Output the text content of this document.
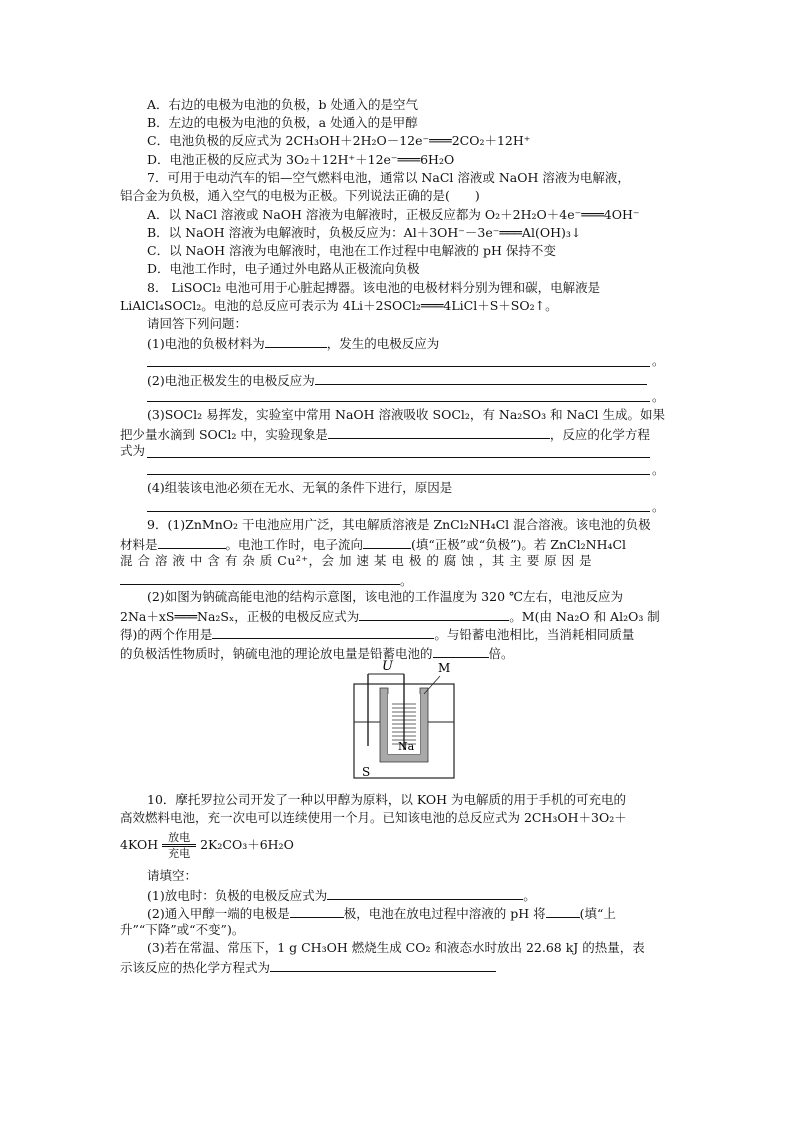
A．右边的电极为电池的负极，b 处通入的是空气
B．左边的电极为电池的负极，a 处通入的是甲醇
C．电池负极的反应式为 2CH₃OH＋2H₂O－12e⁻═══2CO₂＋12H⁺
D．电池正极的反应式为 3O₂＋12H⁺＋12e⁻═══6H₂O
7．可用于电动汽车的铝—空气燃料电池，通常以 NaCl 溶液或 NaOH 溶液为电解液，
铝合金为负极，通入空气的电极为正极。下列说法正确的是(　　)
A．以 NaCl 溶液或 NaOH 溶液为电解液时，正极反应都为 O₂＋2H₂O＋4e⁻═══4OH⁻
B．以 NaOH 溶液为电解液时，负极反应为：Al＋3OH⁻－3e⁻═══Al(OH)₃↓
C．以 NaOH 溶液为电解液时，电池在工作过程中电解液的 pH 保持不变
D．电池工作时，电子通过外电路从正极流向负极
8． LiSOCl₂ 电池可用于心脏起搏器。该电池的电极材料分别为锂和碳，电解液是
LiAlCl₄SOCl₂。电池的总反应可表示为 4Li＋2SOCl₂═══4LiCl＋S＋SO₂↑。
请回答下列问题：
(1)电池的负极材料为	，发生的电极反应为
。
(2)电池正极发生的电极反应为
。
(3)SOCl₂ 易挥发，实验室中常用 NaOH 溶液吸收 SOCl₂，有 Na₂SO₃ 和 NaCl 生成。如果
把少量水滴到 SOCl₂ 中，实验现象是	，反应的化学方程
式为
。
(4)组装该电池必须在无水、无氧的条件下进行，原因是
。
9．(1)ZnMnO₂ 干电池应用广泛，其电解质溶液是 ZnCl₂NH₄Cl 混合溶液。该电池的负极
材料是	。电池工作时，电子流向	(填“正极”或“负极”)。若 ZnCl₂NH₄Cl
混 合 溶 液 中 含 有 杂 质 Cu²⁺，会 加 速 某 电 极 的 腐 蚀 ，其 主 要 原 因 是
。
(2)如图为钠硫高能电池的结构示意图，该电池的工作温度为 320 ℃左右，电池反应为
2Na＋xS═══Na₂Sₓ，正极的电极反应式为	。M(由 Na₂O 和 Al₂O₃ 制
得)的两个作用是	。与铅蓄电池相比，当消耗相同质量
的负极活性物质时，钠硫电池的理论放电量是铅蓄电池的	倍。
U	M
Na
S
10．摩托罗拉公司开发了一种以甲醇为原料，以 KOH 为电解质的用于手机的可充电的
高效燃料电池，充一次电可以连续使用一个月。已知该电池的总反应式为 2CH₃OH＋3O₂＋
4KOH 放电
充电
2K₂CO₃＋6H₂O
请填空：
(1)放电时：负极的电极反应式为	。
(2)通入甲醇一端的电极是	极，电池在放电过程中溶液的 pH 将	(填“上
升”“下降”或“不变”)。
(3)若在常温、常压下，1 g CH₃OH 燃烧生成 CO₂ 和液态水时放出 22.68 kJ 的热量，表
示该反应的热化学方程式为
